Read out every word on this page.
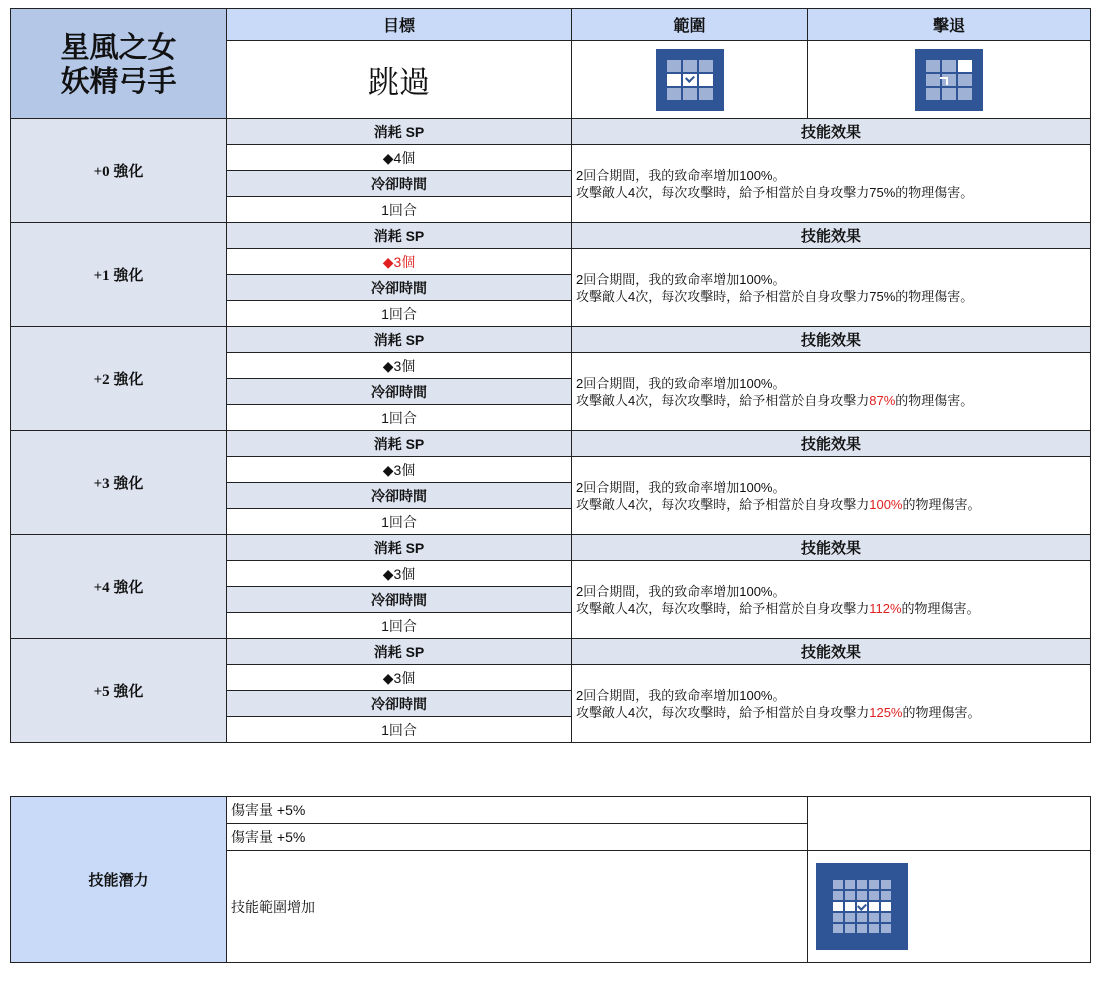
星風之女
妖精弓手	目標	範圍	擊退
	跳過	

+0 強化	消耗 SP	技能效果	
	◆4個	2回合期間，我的致命率增加100%。
攻擊敵人4次，每次攻擊時，給予相當於自身攻擊力75%的物理傷害。	

	冷卻時間		
	1回合		
+1 強化	消耗 SP	技能效果	
	◆3個	2回合期間，我的致命率增加100%。
攻擊敵人4次，每次攻擊時，給予相當於自身攻擊力75%的物理傷害。	

	冷卻時間		
	1回合		
+2 強化	消耗 SP	技能效果	
	◆3個	2回合期間，我的致命率增加100%。
攻擊敵人4次，每次攻擊時，給予相當於自身攻擊力87%的物理傷害。	

	冷卻時間		
	1回合		
+3 強化	消耗 SP	技能效果	
	◆3個	2回合期間，我的致命率增加100%。
攻擊敵人4次，每次攻擊時，給予相當於自身攻擊力100%的物理傷害。	

	冷卻時間		
	1回合		
+4 強化	消耗 SP	技能效果	
	◆3個	2回合期間，我的致命率增加100%。
攻擊敵人4次，每次攻擊時，給予相當於自身攻擊力112%的物理傷害。	

	冷卻時間		
	1回合		
+5 強化	消耗 SP	技能效果	
	◆3個	2回合期間，我的致命率增加100%。
攻擊敵人4次，每次攻擊時，給予相當於自身攻擊力125%的物理傷害。	

	冷卻時間		
	1回合		
技能潛力	傷害量 +5%	
	傷害量 +5%	
	技能範圍增加	
